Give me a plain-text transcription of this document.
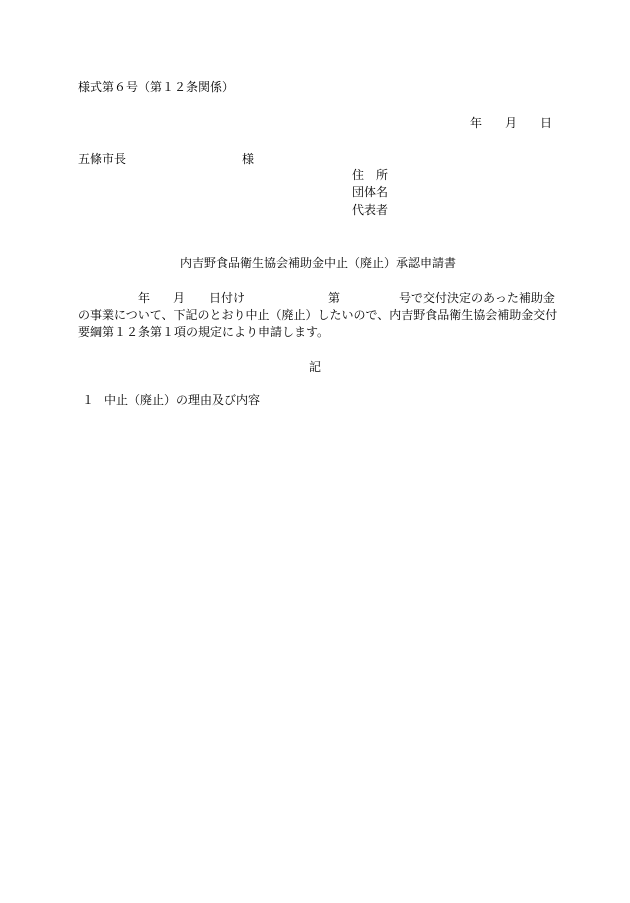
様式第６号（第１２条関係）
年 月 日
五條市長	様
住　所
団体名
代表者
内吉野食品衛生協会補助金中止（廃止）承認申請書
年 月 日付け	第	号で交付決定のあった補助金
の事業について、下記のとおり中止（廃止）したいので、内吉野食品衛生協会補助金交付
要綱第１２条第１項の規定により申請します。
記
１ 中止（廃止）の理由及び内容
